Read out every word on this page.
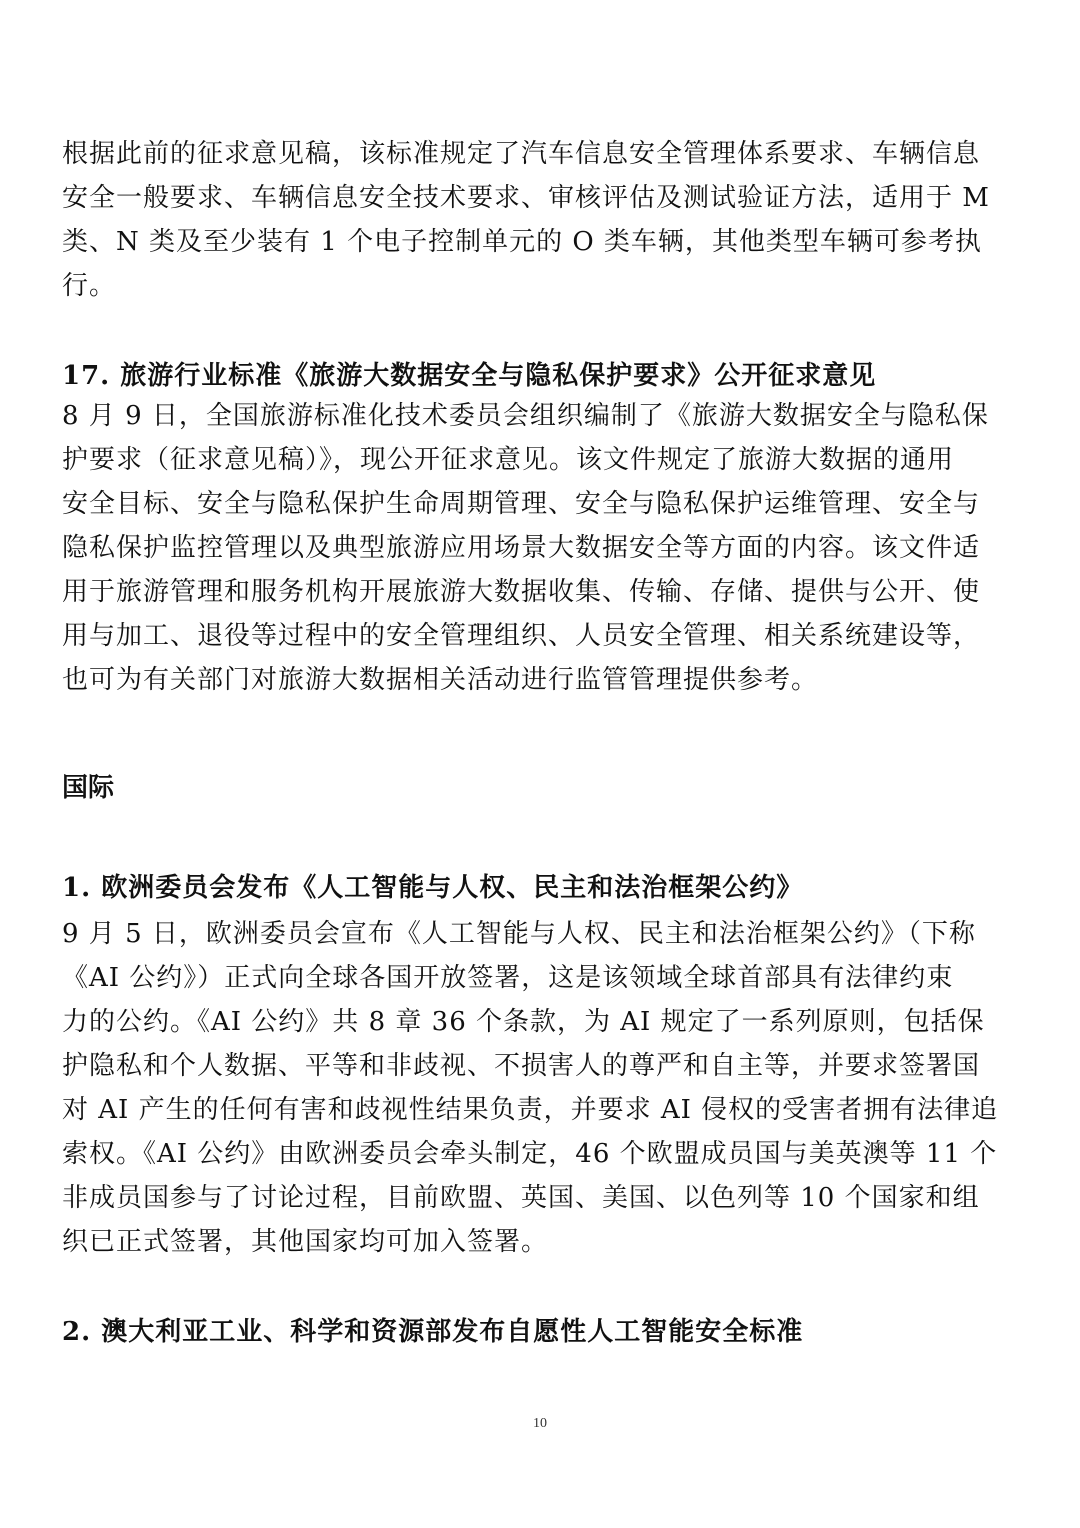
根据此前的征求意见稿，该标准规定了汽车信息安全管理体系要求、车辆信息
安全一般要求、车辆信息安全技术要求、审核评估及测试验证方法，适用于 M
类、N 类及至少装有 1 个电子控制单元的 O 类车辆，其他类型车辆可参考执
行。
17. 旅游行业标准《旅游大数据安全与隐私保护要求》公开征求意见
8 月 9 日，全国旅游标准化技术委员会组织编制了《旅游大数据安全与隐私保
护要求（征求意见稿）》，现公开征求意见。该文件规定了旅游大数据的通用
安全目标、安全与隐私保护生命周期管理、安全与隐私保护运维管理、安全与
隐私保护监控管理以及典型旅游应用场景大数据安全等方面的内容。该文件适
用于旅游管理和服务机构开展旅游大数据收集、传输、存储、提供与公开、使
用与加工、退役等过程中的安全管理组织、人员安全管理、相关系统建设等，
也可为有关部门对旅游大数据相关活动进行监管管理提供参考。
国际
1. 欧洲委员会发布《人工智能与人权、民主和法治框架公约》
9 月 5 日，欧洲委员会宣布《人工智能与人权、民主和法治框架公约》（下称
《AI 公约》）正式向全球各国开放签署，这是该领域全球首部具有法律约束
力的公约。《AI 公约》共 8 章 36 个条款，为 AI 规定了一系列原则，包括保
护隐私和个人数据、平等和非歧视、不损害人的尊严和自主等，并要求签署国
对 AI 产生的任何有害和歧视性结果负责，并要求 AI 侵权的受害者拥有法律追
索权。《AI 公约》由欧洲委员会牵头制定，46 个欧盟成员国与美英澳等 11 个
非成员国参与了讨论过程，目前欧盟、英国、美国、以色列等 10 个国家和组
织已正式签署，其他国家均可加入签署。
2. 澳大利亚工业、科学和资源部发布自愿性人工智能安全标准
10
